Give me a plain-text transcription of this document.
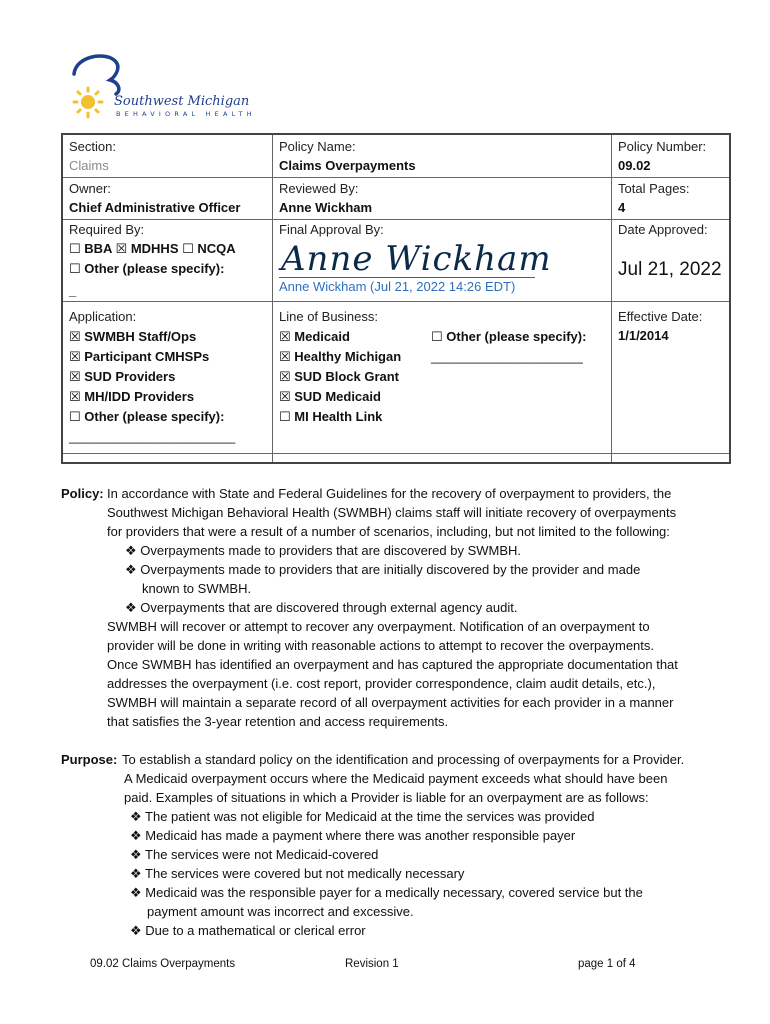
Southwest Michigan
BEHAVIORAL HEALTH
Section:
Claims
Policy Name:
Claims Overpayments
Policy Number:
09.02
Owner:
Chief Administrative Officer
Reviewed By:
Anne Wickham
Total Pages:
4
Required By:
☐ BBA ☒ MDHHS ☐ NCQA
☐ Other (please specify):
_
Final Approval By:
Anne Wickham
Anne Wickham (Jul 21, 2022 14:26 EDT)
Date Approved:
Jul 21, 2022
Application:
☒ SWMBH Staff/Ops
☒ Participant CMHSPs
☒ SUD Providers
☒ MH/IDD Providers
☐ Other (please specify):
_______________________
Line of Business:
☒ Medicaid
☒ Healthy Michigan
☒ SUD Block Grant
☒ SUD Medicaid
☐ MI Health Link
☐ Other (please specify):
_____________________
Effective Date:
1/1/2014
Policy: In accordance with State and Federal Guidelines for the recovery of overpayment to providers, the
Southwest Michigan Behavioral Health (SWMBH) claims staff will initiate recovery of overpayments
for providers that were a result of a number of scenarios, including, but not limited to the following:
❖ Overpayments made to providers that are discovered by SWMBH.
❖ Overpayments made to providers that are initially discovered by the provider and made
known to SWMBH.
❖ Overpayments that are discovered through external agency audit.
SWMBH will recover or attempt to recover any overpayment. Notification of an overpayment to
provider will be done in writing with reasonable actions to attempt to recover the overpayments.
Once SWMBH has identified an overpayment and has captured the appropriate documentation that
addresses the overpayment (i.e. cost report, provider correspondence, claim audit details, etc.),
SWMBH will maintain a separate record of all overpayment activities for each provider in a manner
that satisfies the 3-year retention and access requirements.
Purpose: To establish a standard policy on the identification and processing of overpayments for a Provider.
A Medicaid overpayment occurs where the Medicaid payment exceeds what should have been
paid. Examples of situations in which a Provider is liable for an overpayment are as follows:
❖ The patient was not eligible for Medicaid at the time the services was provided
❖ Medicaid has made a payment where there was another responsible payer
❖ The services were not Medicaid-covered
❖ The services were covered but not medically necessary
❖ Medicaid was the responsible payer for a medically necessary, covered service but the
payment amount was incorrect and excessive.
❖ Due to a mathematical or clerical error
09.02 Claims Overpayments	Revision 1	page 1 of 4
